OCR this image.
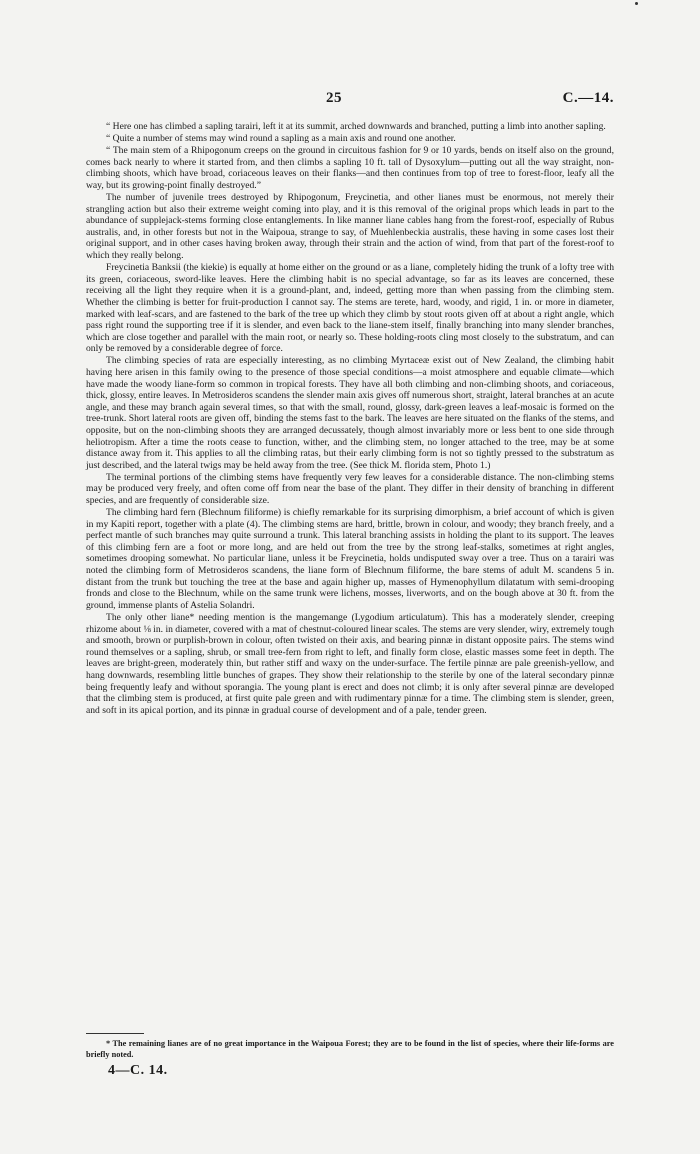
25	C.—14.

“ Here one has climbed a sapling tarairi, left it at its summit, arched downwards and branched, putting a limb into another sapling.

“ Quite a number of stems may wind round a sapling as a main axis and round one another.

“ The main stem of a Rhipogonum creeps on the ground in circuitous fashion for 9 or 10 yards, bends on itself also on the ground, comes back nearly to where it started from, and then climbs a sapling 10 ft. tall of Dysoxylum—putting out all the way straight, non-climbing shoots, which have broad, coriaceous leaves on their flanks—and then continues from top of tree to forest-floor, leafy all the way, but its growing-point finally destroyed.”

The number of juvenile trees destroyed by Rhipogonum, Freycinetia, and other lianes must be enormous, not merely their strangling action but also their extreme weight coming into play, and it is this removal of the original props which leads in part to the abundance of supplejack-stems forming close entanglements. In like manner liane cables hang from the forest-roof, especially of Rubus australis, and, in other forests but not in the Waipoua, strange to say, of Muehlenbeckia australis, these having in some cases lost their original support, and in other cases having broken away, through their strain and the action of wind, from that part of the forest-roof to which they really belong.

Freycinetia Banksii (the kiekie) is equally at home either on the ground or as a liane, completely hiding the trunk of a lofty tree with its green, coriaceous, sword-like leaves. Here the climbing habit is no special advantage, so far as its leaves are concerned, these receiving all the light they require when it is a ground-plant, and, indeed, getting more than when passing from the climbing stem. Whether the climbing is better for fruit-production I cannot say. The stems are terete, hard, woody, and rigid, 1 in. or more in diameter, marked with leaf-scars, and are fastened to the bark of the tree up which they climb by stout roots given off at about a right angle, which pass right round the supporting tree if it is slender, and even back to the liane-stem itself, finally branching into many slender branches, which are close together and parallel with the main root, or nearly so. These holding-roots cling most closely to the substratum, and can only be removed by a considerable degree of force.

The climbing species of rata are especially interesting, as no climbing Myrtaceæ exist out of New Zealand, the climbing habit having here arisen in this family owing to the presence of those special conditions—a moist atmosphere and equable climate—which have made the woody liane-form so common in tropical forests. They have all both climbing and non-climbing shoots, and coriaceous, thick, glossy, entire leaves. In Metrosideros scandens the slender main axis gives off numerous short, straight, lateral branches at an acute angle, and these may branch again several times, so that with the small, round, glossy, dark-green leaves a leaf-mosaic is formed on the tree-trunk. Short lateral roots are given off, binding the stems fast to the bark. The leaves are here situated on the flanks of the stems, and opposite, but on the non-climbing shoots they are arranged decussately, though almost invariably more or less bent to one side through heliotropism. After a time the roots cease to function, wither, and the climbing stem, no longer attached to the tree, may be at some distance away from it. This applies to all the climbing ratas, but their early climbing form is not so tightly pressed to the substratum as just described, and the lateral twigs may be held away from the tree. (See thick M. florida stem, Photo 1.)

The terminal portions of the climbing stems have frequently very few leaves for a considerable distance. The non-climbing stems may be produced very freely, and often come off from near the base of the plant. They differ in their density of branching in different species, and are frequently of considerable size.

The climbing hard fern (Blechnum filiforme) is chiefly remarkable for its surprising dimorphism, a brief account of which is given in my Kapiti report, together with a plate (4). The climbing stems are hard, brittle, brown in colour, and woody; they branch freely, and a perfect mantle of such branches may quite surround a trunk. This lateral branching assists in holding the plant to its support. The leaves of this climbing fern are a foot or more long, and are held out from the tree by the strong leaf-stalks, sometimes at right angles, sometimes drooping somewhat. No particular liane, unless it be Freycinetia, holds undisputed sway over a tree. Thus on a tarairi was noted the climbing form of Metrosideros scandens, the liane form of Blechnum filiforme, the bare stems of adult M. scandens 5 in. distant from the trunk but touching the tree at the base and again higher up, masses of Hymenophyllum dilatatum with semi-drooping fronds and close to the Blechnum, while on the same trunk were lichens, mosses, liverworts, and on the bough above at 30 ft. from the ground, immense plants of Astelia Solandri.

The only other liane* needing mention is the mangemange (Lygodium articulatum). This has a moderately slender, creeping rhizome about ⅛ in. in diameter, covered with a mat of chestnut-coloured linear scales. The stems are very slender, wiry, extremely tough and smooth, brown or purplish-brown in colour, often twisted on their axis, and bearing pinnæ in distant opposite pairs. The stems wind round themselves or a sapling, shrub, or small tree-fern from right to left, and finally form close, elastic masses some feet in depth. The leaves are bright-green, moderately thin, but rather stiff and waxy on the under-surface. The fertile pinnæ are pale greenish-yellow, and hang downwards, resembling little bunches of grapes. They show their relationship to the sterile by one of the lateral secondary pinnæ being frequently leafy and without sporangia. The young plant is erect and does not climb; it is only after several pinnæ are developed that the climbing stem is produced, at first quite pale green and with rudimentary pinnæ for a time. The climbing stem is slender, green, and soft in its apical portion, and its pinnæ in gradual course of development and of a pale, tender green.

* The remaining lianes are of no great importance in the Waipoua Forest; they are to be found in the list of species, where their life-forms are briefly noted.

4—C. 14.
